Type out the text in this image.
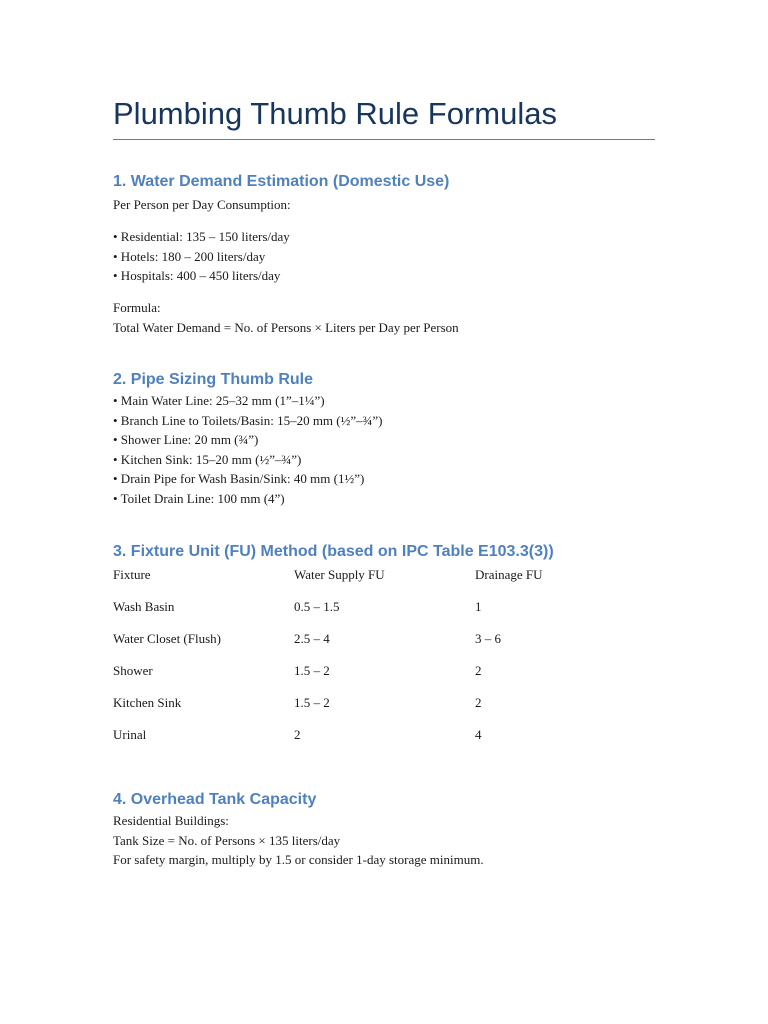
Plumbing Thumb Rule Formulas
1. Water Demand Estimation (Domestic Use)
Per Person per Day Consumption:
• Residential: 135 – 150 liters/day
• Hotels: 180 – 200 liters/day
• Hospitals: 400 – 450 liters/day
Formula:
Total Water Demand = No. of Persons × Liters per Day per Person
2. Pipe Sizing Thumb Rule
• Main Water Line: 25–32 mm (1”–1¼”)
• Branch Line to Toilets/Basin: 15–20 mm (½”–¾”)
• Shower Line: 20 mm (¾”)
• Kitchen Sink: 15–20 mm (½”–¾”)
• Drain Pipe for Wash Basin/Sink: 40 mm (1½”)
• Toilet Drain Line: 100 mm (4”)
3. Fixture Unit (FU) Method (based on IPC Table E103.3(3))
Fixture	Water Supply FU	Drainage FU
Wash Basin	0.5 – 1.5	1
Water Closet (Flush)	2.5 – 4	3 – 6
Shower	1.5 – 2	2
Kitchen Sink	1.5 – 2	2
Urinal	2	4
4. Overhead Tank Capacity
Residential Buildings:
Tank Size = No. of Persons × 135 liters/day
For safety margin, multiply by 1.5 or consider 1-day storage minimum.
